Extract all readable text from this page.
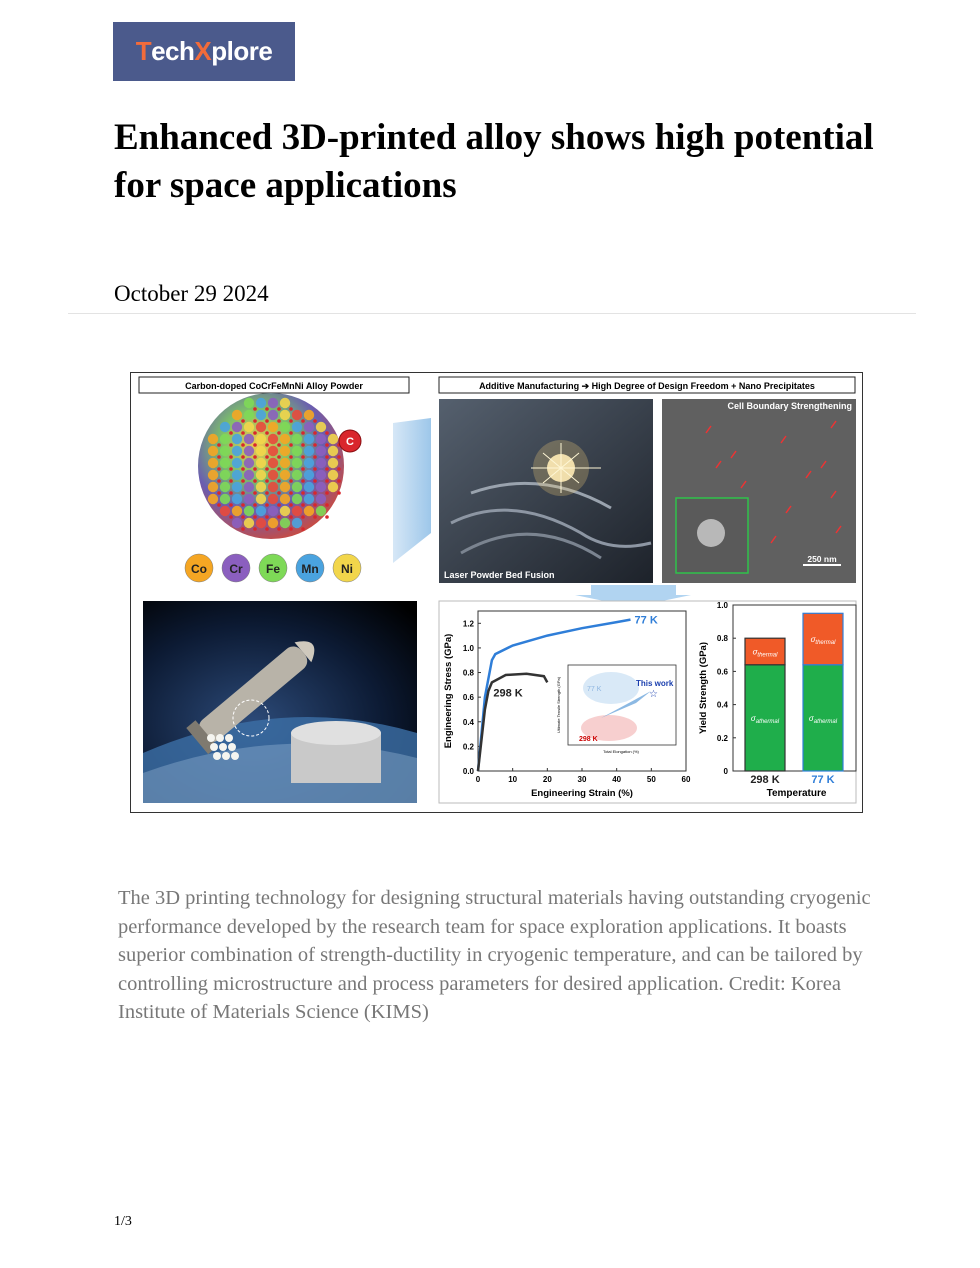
T ech X plore
Enhanced 3D-printed alloy shows high potential for space applications
October 29 2024
Carbon-doped CoCrFeMnNi Alloy Powder	Additive Manufacturing ➔ High Degree of Design Freedom + Nano Precipitates
C
Co Cr Fe Mn Ni	Laser Powder Bed Fusion
Cell Boundary Strengthening
250 nm
0	10	20	30	40	50	60
0.0
0.2
0.4
0.6
0.8
1.0
1.2
Engineering Strain (%)
Engineering Stress (GPa)
77 K
298 K
This work
☆
77 K
298 K
Total Elongation (%)
Ultimate Tensile Strength (GPa)
0
0.2
0.4
0.6
0.8
1.0
Yield Strength (GPa)
Temperature
$\sigma_{athermal}$
$\sigma_{thermal}$
298 K
$\sigma_{athermal}$
$\sigma_{thermal}$
77 K
The 3D printing technology for designing structural materials having outstanding cryogenic performance developed by the research team for space exploration applications. It boasts superior combination of strength-ductility in cryogenic temperature, and can be tailored by controlling microstructure and process parameters for desired application. Credit: Korea Institute of Materials Science (KIMS)
1/3
